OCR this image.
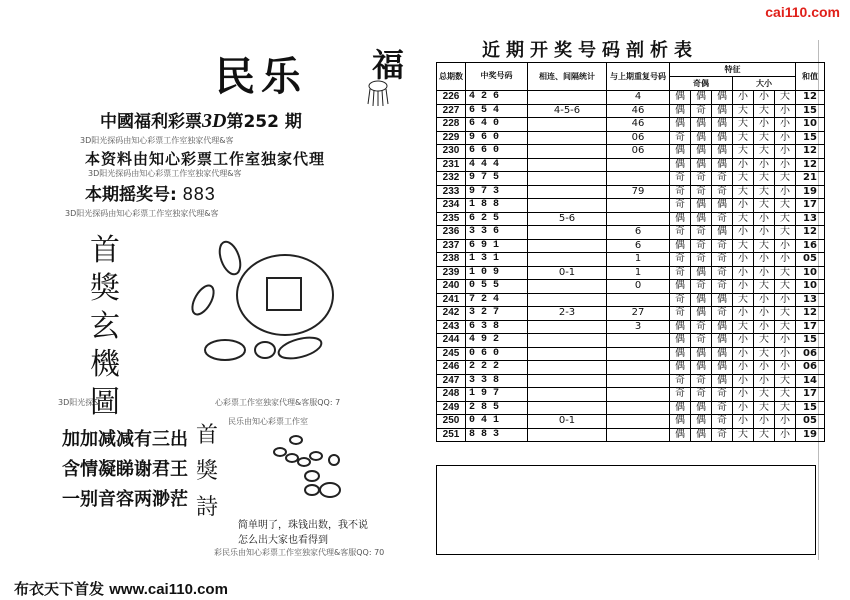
cai110.com
民乐 福
中國福利彩票3D第252 期
3D阳光探码由知心彩票工作室独家代理&客
本资料由知心彩票工作室独家代理
3D阳光探码由知心彩票工作室独家代理&客
本期摇奖号: 883
3D阳光探码由知心彩票工作室独家代理&客
首
獎
玄
機
圖
3D阳光探&	心彩票工作室独家代理&客服QQ: 7
加加减减有三出
含情凝睇谢君王
一别音容两渺茫
首
獎
詩
民乐由知心彩票工作室
简单明了，珠钱出数，我不说
怎么出大家也看得到
彩民乐由知心彩票工作室独家代理&客服QQ: 70
布衣天下首发 www.cai110.com
近期开奖号码剖析表
总期数	中奖号码	相连、间隔统计	与上期重复号码	特征						和值
				奇偶			大小			
226	4 2 6		4	偶	偶	偶	小	小	大	12
227	6 5 4	4-5-6	46	偶	奇	偶	大	大	小	15
228	6 4 0		46	偶	偶	偶	大	小	小	10
229	9 6 0		06	奇	偶	偶	大	大	小	15
230	6 6 0		06	偶	偶	偶	大	大	小	12
231	4 4 4			偶	偶	偶	小	小	小	12
232	9 7 5			奇	奇	奇	大	大	大	21
233	9 7 3		79	奇	奇	奇	大	大	小	19
234	1 8 8			奇	偶	偶	小	大	大	17
235	6 2 5	5-6		偶	偶	奇	大	小	大	13
236	3 3 6		6	奇	奇	偶	小	小	大	12
237	6 9 1		6	偶	奇	奇	大	大	小	16
238	1 3 1		1	奇	奇	奇	小	小	小	05
239	1 0 9	0-1	1	奇	偶	奇	小	小	大	10
240	0 5 5		0	偶	奇	奇	小	大	大	10
241	7 2 4			奇	偶	偶	大	小	小	13
242	3 2 7	2-3	27	奇	偶	奇	小	小	大	12
243	6 3 8		3	偶	奇	偶	大	小	大	17
244	4 9 2			偶	奇	偶	小	大	小	15
245	0 6 0			偶	偶	偶	小	大	小	06
246	2 2 2			偶	偶	偶	小	小	小	06
247	3 3 8			奇	奇	偶	小	小	大	14
248	1 9 7			奇	奇	奇	小	大	大	17
249	2 8 5			偶	偶	奇	小	大	大	15
250	0 4 1	0-1		偶	偶	奇	小	小	小	05
251	8 8 3			偶	偶	奇	大	大	小	19
